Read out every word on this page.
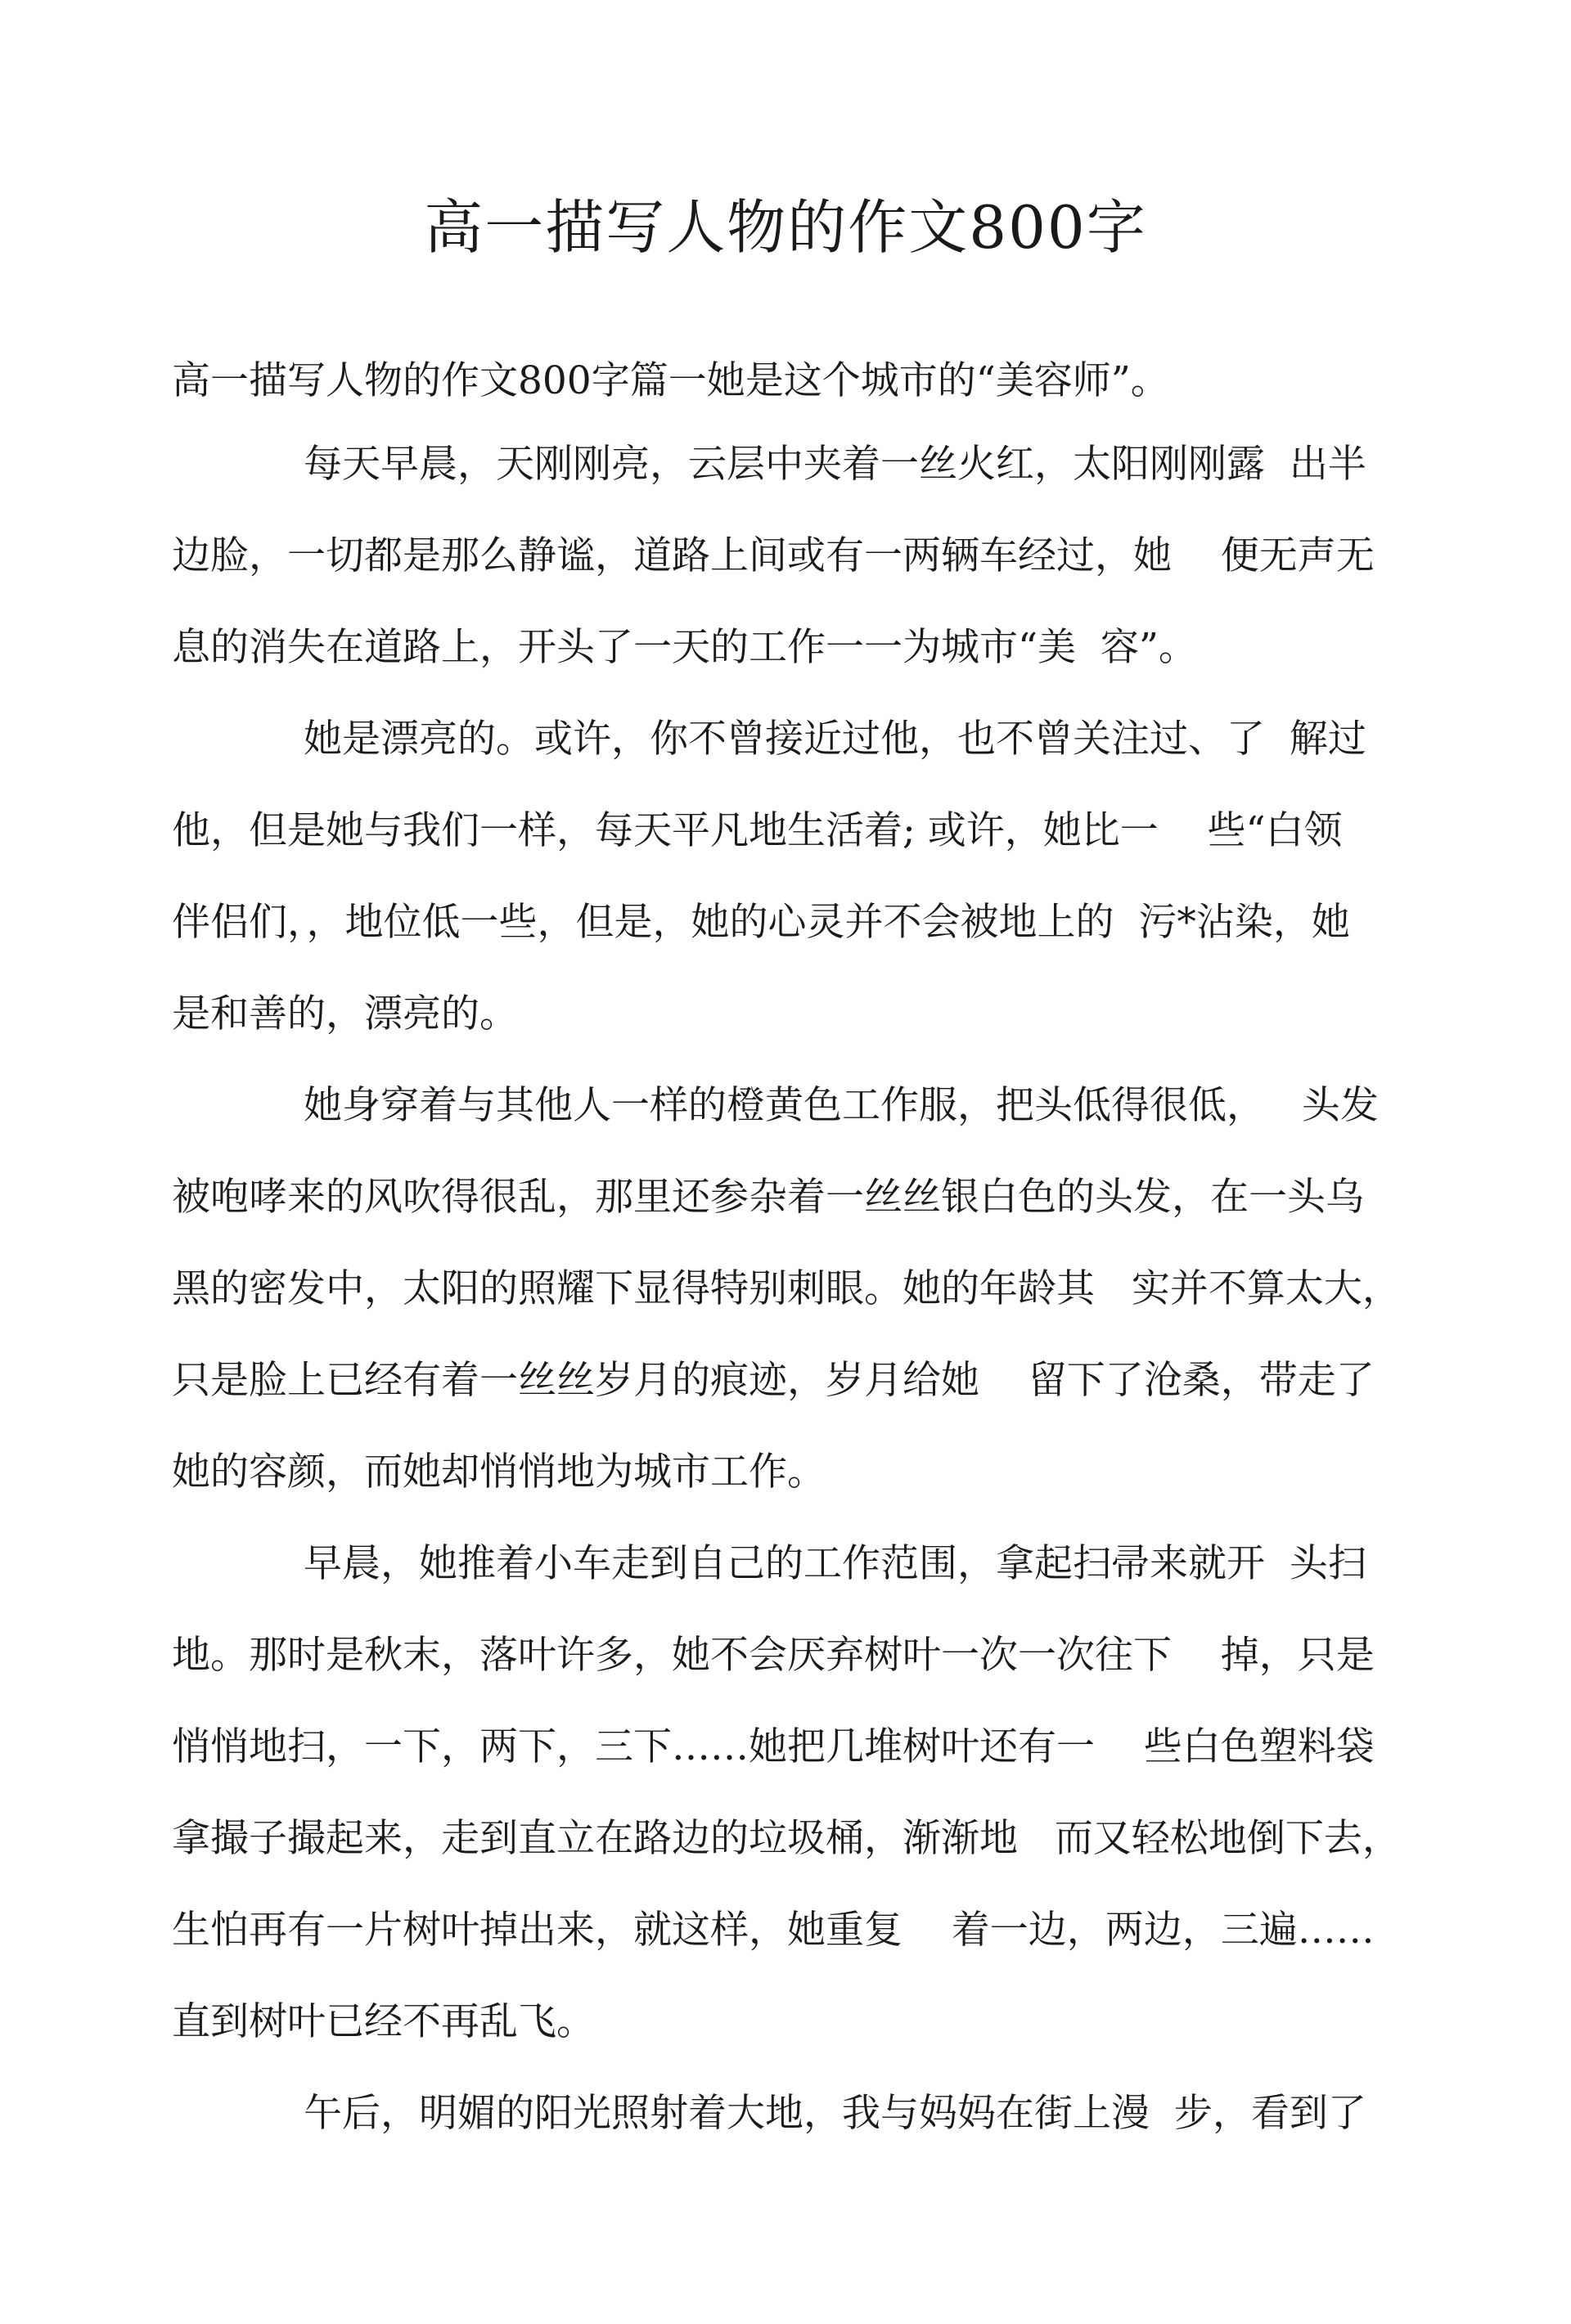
高一描写人物的作文800字

高一描写人物的作文800字篇一她是这个城市的“美容师”。

每天早晨，天刚刚亮，云层中夹着一丝火红，太阳刚刚露  出半

边脸，一切都是那么静谧，道路上间或有一两辆车经过，她    便无声无

息的消失在道路上，开头了一天的工作一一为城市“美  容”。

她是漂亮的。或许，你不曾接近过他，也不曾关注过、了  解过

他，但是她与我们一样，每天平凡地生活着; 或许，她比一    些“白领

伴侣们，，地位低一些，但是，她的心灵并不会被地上的  污*沾染，她

是和善的，漂亮的。

她身穿着与其他人一样的橙黄色工作服，把头低得很低，   头发

被咆哮来的风吹得很乱，那里还参杂着一丝丝银白色的头发，在一头乌

黑的密发中，太阳的照耀下显得特别刺眼。她的年龄其   实并不算太大，

只是脸上已经有着一丝丝岁月的痕迹，岁月给她    留下了沧桑，带走了

她的容颜，而她却悄悄地为城市工作。

早晨，她推着小车走到自己的工作范围，拿起扫帚来就开  头扫

地。那时是秋末，落叶许多，她不会厌弃树叶一次一次往下    掉，只是

悄悄地扫，一下，两下，三下……她把几堆树叶还有一    些白色塑料袋

拿撮子撮起来，走到直立在路边的垃圾桶，渐渐地   而又轻松地倒下去，

生怕再有一片树叶掉出来，就这样，她重复    着一边，两边，三遍……

直到树叶已经不再乱飞。

午后，明媚的阳光照射着大地，我与妈妈在街上漫  步，看到了
